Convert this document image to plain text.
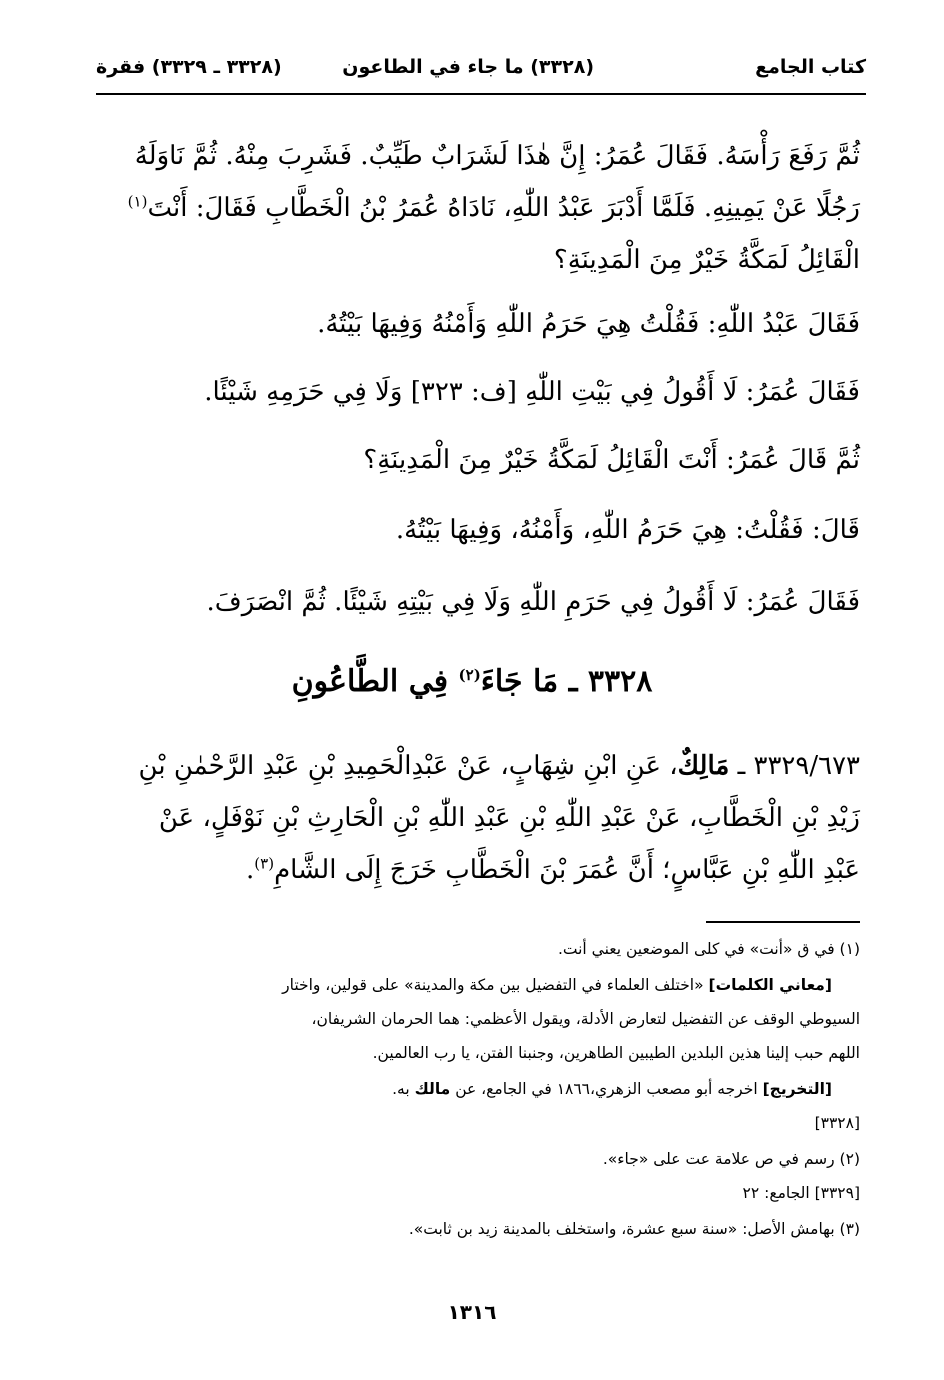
كتاب الجامع
(٣٣٢٨) ما جاء في الطاعون
(٣٣٢٨ ـ ٣٣٢٩) فقرة
ثُمَّ رَفَعَ رَأْسَهُ. فَقَالَ عُمَرُ: إِنَّ هٰذَا لَشَرَابٌ طَيِّبٌ. فَشَرِبَ مِنْهُ. ثُمَّ نَاوَلَهُ
رَجُلًا عَنْ يَمِينِهِ. فَلَمَّا أَدْبَرَ عَبْدُ اللّٰهِ، نَادَاهُ عُمَرُ بْنُ الْخَطَّابِ فَقَالَ: أَنْتَ$^{(١)}$
الْقَائِلُ لَمَكَّةُ خَيْرٌ مِنَ الْمَدِينَةِ؟
فَقَالَ عَبْدُ اللّٰهِ: فَقُلْتُ هِيَ حَرَمُ اللّٰهِ وَأَمْنُهُ وَفِيهَا بَيْتُهُ.
فَقَالَ عُمَرُ: لَا أَقُولُ فِي بَيْتِ اللّٰهِ [ف: ٣٢٣] وَلَا فِي حَرَمِهِ شَيْئًا.
ثُمَّ قَالَ عُمَرُ: أَنْتَ الْقَائِلُ لَمَكَّةُ خَيْرٌ مِنَ الْمَدِينَةِ؟
قَالَ: فَقُلْتُ: هِيَ حَرَمُ اللّٰهِ، وَأَمْنُهُ، وَفِيهَا بَيْتُهُ.
فَقَالَ عُمَرُ: لَا أَقُولُ فِي حَرَمِ اللّٰهِ وَلَا فِي بَيْتِهِ شَيْئًا. ثُمَّ انْصَرَفَ.
٣٣٢٨ ـ مَا جَاءَ$^{(٢)}$ فِي الطَّاعُونِ
٣٣٢٩/٦٧٣ ـ مَالِكٌ، عَنِ ابْنِ شِهَابٍ، عَنْ عَبْدِالْحَمِيدِ بْنِ عَبْدِ الرَّحْمٰنِ بْنِ
زَيْدِ بْنِ الْخَطَّابِ، عَنْ عَبْدِ اللّٰهِ بْنِ عَبْدِ اللّٰهِ بْنِ الْحَارِثِ بْنِ نَوْفَلٍ، عَنْ
عَبْدِ اللّٰهِ بْنِ عَبَّاسٍ؛ أَنَّ عُمَرَ بْنَ الْخَطَّابِ خَرَجَ إِلَى الشَّامِ$^{(٣)}$.
(١) في ق «أنت» في كلى الموضعين يعني أنت.
[معاني الكلمات] «اختلف العلماء في التفضيل بين مكة والمدينة» على قولين، واختار
السيوطي الوقف عن التفضيل لتعارض الأدلة، ويقول الأعظمي: هما الحرمان الشريفان،
اللهم حبب إلينا هذين البلدين الطيبين الطاهرين، وجنبنا الفتن، يا رب العالمين.
[التخريج] اخرجه أبو مصعب الزهري،١٨٦٦ في الجامع، عن مالك به.
[٣٣٢٨]
(٢) رسم في ص علامة عت على «جاء».
[٣٣٢٩] الجامع: ٢٢
(٣) بهامش الأصل: «سنة سبع عشرة، واستخلف بالمدينة زيد بن ثابت».
١٣١٦
